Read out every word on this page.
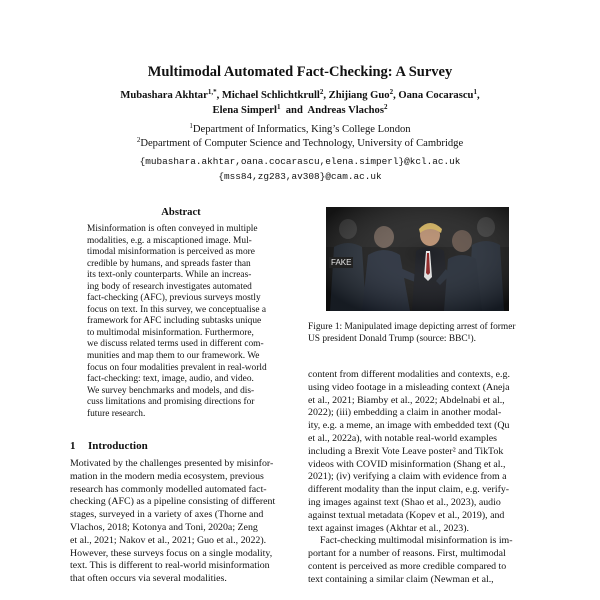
Multimodal Automated Fact-Checking: A Survey
Mubashara Akhtar$^{1,*}$, Michael Schlichtkrull$^2$, Zhijiang Guo$^2$, Oana Cocarascu$^1$,
Elena Simperl$^1$  and  Andreas Vlachos$^2$
$^1$Department of Informatics, King’s College London
$^2$Department of Computer Science and Technology, University of Cambridge
{mubashara.akhtar,oana.cocarascu,elena.simperl}@kcl.ac.uk
{mss84,zg283,av308}@cam.ac.uk
Abstract
Misinformation is often conveyed in multiple
modalities, e.g. a miscaptioned image. Mul-
timodal misinformation is perceived as more
credible by humans, and spreads faster than
its text-only counterparts. While an increas-
ing body of research investigates automated
fact-checking (AFC), previous surveys mostly
focus on text. In this survey, we conceptualise a
framework for AFC including subtasks unique
to multimodal misinformation. Furthermore,
we discuss related terms used in different com-
munities and map them to our framework. We
focus on four modalities prevalent in real-world
fact-checking: text, image, audio, and video.
We survey benchmarks and models, and dis-
cuss limitations and promising directions for
future research.
1 Introduction
Motivated by the challenges presented by misinfor-
mation in the modern media ecosystem, previous
research has commonly modelled automated fact-
checking (AFC) as a pipeline consisting of different
stages, surveyed in a variety of axes (Thorne and
Vlachos, 2018; Kotonya and Toni, 2020a; Zeng
et al., 2021; Nakov et al., 2021; Guo et al., 2022).
However, these surveys focus on a single modality,
text. This is different to real-world misinformation
that often occurs via several modalities.
FAKE
Figure 1: Manipulated image depicting arrest of former
US president Donald Trump (source: BBC¹).
content from different modalities and contexts, e.g.
using video footage in a misleading context (Aneja
et al., 2021; Biamby et al., 2022; Abdelnabi et al.,
2022); (iii) embedding a claim in another modal-
ity, e.g. a meme, an image with embedded text (Qu
et al., 2022a), with notable real-world examples
including a Brexit Vote Leave poster² and TikTok
videos with COVID misinformation (Shang et al.,
2021); (iv) verifying a claim with evidence from a
different modality than the input claim, e.g. verify-
ing images against text (Shao et al., 2023), audio
against textual metadata (Kopev et al., 2019), and
text against images (Akhtar et al., 2023).
Fact-checking multimodal misinformation is im-
portant for a number of reasons. First, multimodal
content is perceived as more credible compared to
text containing a similar claim (Newman et al.,
